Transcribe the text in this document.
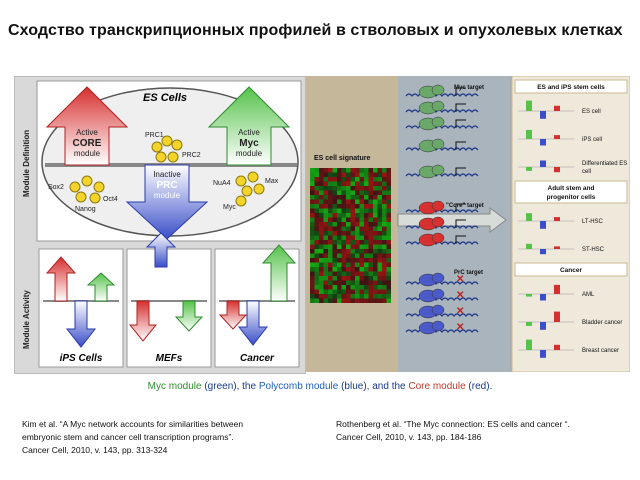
Сходство транскрипционных профилей в стволовых и опухолевых клетках
ES Cells
Active
CORE
module
Active
Myc
module
Inactive
PRC
module
PRC1
PRC2
Sox2
Oct4
Nanog
NuA4	Max
Myc
Module Definition
Module Activity
iPS Cells	MEFs	Cancer
ES cell signature
✕
✕
✕
✕
Myc target
"Core" target
PrC target
ES and iPS stem cells
ES cell
iPS cell
Differentiated ES
cell
Adult stem and
progenitor cells
LT-HSC
ST-HSC
Cancer
AML
Bladder cancer
Breast cancer
Myc module (green), the Polycomb module (blue), and the Core module (red).
Kim et al. “A Myc network accounts for similarities between
embryonic stem and cancer cell transcription programs”.
Cancer Cell, 2010, v. 143, pp. 313-324
Rothenberg et al. “The Myc connection: ES cells and cancer “.
Cancer Cell, 2010, v. 143, pp. 184-186
